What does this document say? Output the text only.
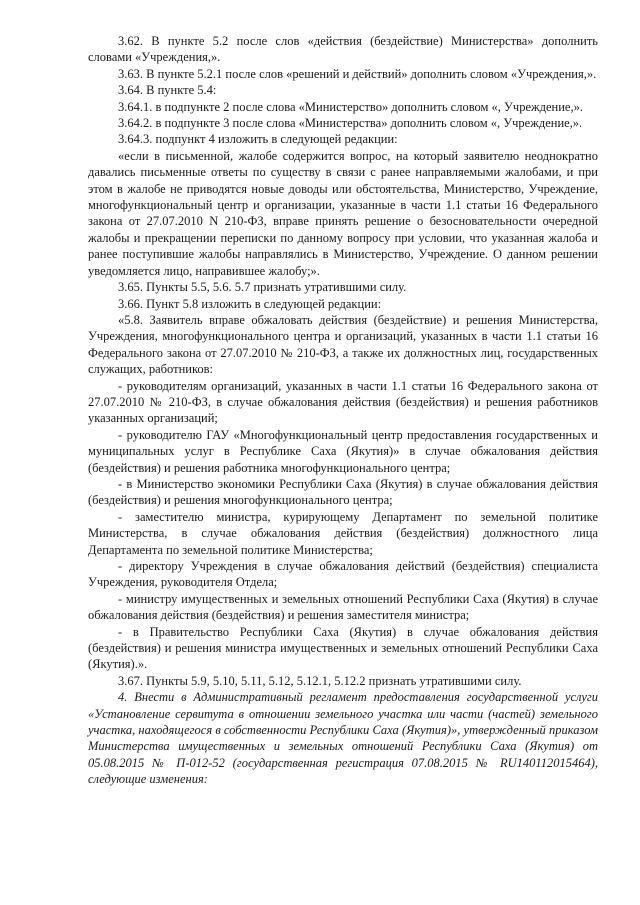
3.62. В пункте 5.2 после слов «действия (бездействие) Министерства» дополнить словами «Учреждения,».

3.63. В пункте 5.2.1 после слов «решений и действий» дополнить словом «Учреждения,».

3.64. В пункте 5.4:

3.64.1. в подпункте 2 после слова «Министерство» дополнить словом «, Учреждение,».

3.64.2. в подпункте 3 после слова «Министерства» дополнить словом «, Учреждение,».

3.64.3. подпункт 4 изложить в следующей редакции:

«если в письменной, жалобе содержится вопрос, на который заявителю неоднократно давались письменные ответы по существу в связи с ранее направляемыми жалобами, и при этом в жалобе не приводятся новые доводы или обстоятельства, Министерство, Учреждение, многофункциональный центр и организации, указанные в части 1.1 статьи 16 Федерального закона от 27.07.2010 N 210-ФЗ, вправе принять решение о безосновательности очередной жалобы и прекращении переписки по данному вопросу при условии, что указанная жалоба и ранее поступившие жалобы направлялись в Министерство, Учреждение. О данном решении уведомляется лицо, направившее жалобу;».

3.65. Пункты 5.5, 5.6. 5.7 признать утратившими силу.

3.66. Пункт 5.8 изложить в следующей редакции:

«5.8. Заявитель вправе обжаловать действия (бездействие) и решения Министерства, Учреждения, многофункционального центра и организаций, указанных в части 1.1 статьи 16 Федерального закона от 27.07.2010 № 210-ФЗ, а также их должностных лиц, государственных служащих, работников:

- руководителям организаций, указанных в части 1.1 статьи 16 Федерального закона от 27.07.2010 № 210-ФЗ, в случае обжалования действия (бездействия) и решения работников указанных организаций;

- руководителю ГАУ «Многофункциональный центр предоставления государственных и муниципальных услуг в Республике Саха (Якутия)» в случае обжалования действия (бездействия) и решения работника многофункционального центра;

- в Министерство экономики Республики Саха (Якутия) в случае обжалования действия (бездействия) и решения многофункционального центра;

- заместителю министра, курирующему Департамент по земельной политике Министерства, в случае обжалования действия (бездействия) должностного лица Департамента по земельной политике Министерства;

- директору Учреждения в случае обжалования действий (бездействия) специалиста Учреждения, руководителя Отдела;

- министру имущественных и земельных отношений Республики Саха (Якутия) в случае обжалования действия (бездействия) и решения заместителя министра;

- в Правительство Республики Саха (Якутия) в случае обжалования действия (бездействия) и решения министра имущественных и земельных отношений Республики Саха (Якутия).».

3.67. Пункты 5.9, 5.10, 5.11, 5.12, 5.12.1, 5.12.2 признать утратившими силу.

4. Внести в Административный регламент предоставления государственной услуги «Установление сервитута в отношении земельного участка или части (частей) земельного участка, находящегося в собственности Республики Саха (Якутия)», утвержденный приказом Министерства имущественных и земельных отношений Республики Саха (Якутия) от 05.08.2015 № П-012-52 (государственная регистрация 07.08.2015 № RU140112015464), следующие изменения:
